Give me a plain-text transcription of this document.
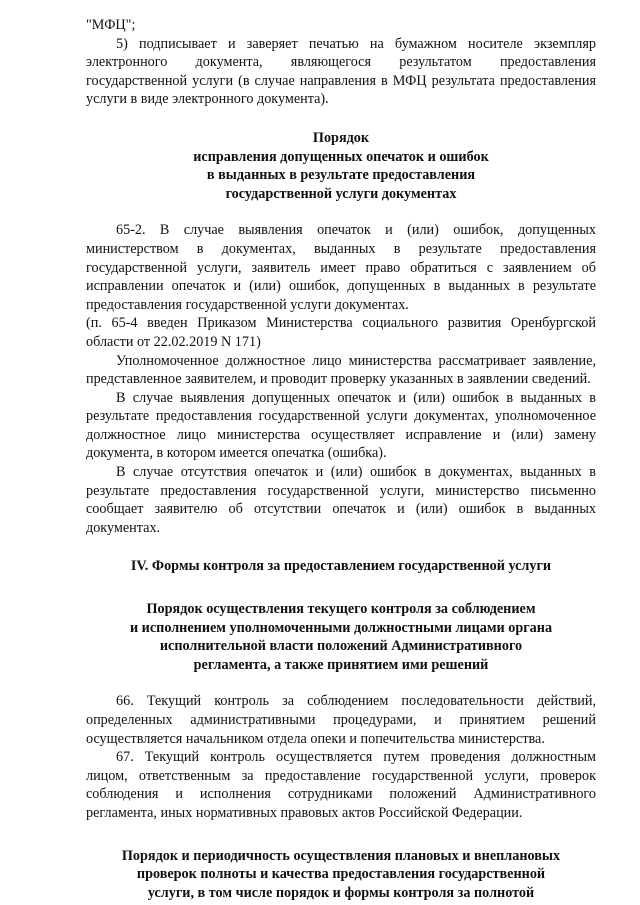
"МФЦ";

5) подписывает и заверяет печатью на бумажном носителе экземпляр электронного документа, являющегося результатом предоставления государственной услуги (в случае направления в МФЦ результата предоставления услуги в виде электронного документа).

Порядок

исправления допущенных опечаток и ошибок

в выданных в результате предоставления

государственной услуги документах

65-2. В случае выявления опечаток и (или) ошибок, допущенных министерством в документах, выданных в результате предоставления государственной услуги, заявитель имеет право обратиться с заявлением об исправлении опечаток и (или) ошибок, допущенных в выданных в результате предоставления государственной услуги документах.

(п. 65-4 введен Приказом Министерства социального развития Оренбургской области от 22.02.2019 N 171)

Уполномоченное должностное лицо министерства рассматривает заявление, представленное заявителем, и проводит проверку указанных в заявлении сведений.

В случае выявления допущенных опечаток и (или) ошибок в выданных в результате предоставления государственной услуги документах, уполномоченное должностное лицо министерства осуществляет исправление и (или) замену документа, в котором имеется опечатка (ошибка).

В случае отсутствия опечаток и (или) ошибок в документах, выданных в результате предоставления государственной услуги, министерство письменно сообщает заявителю об отсутствии опечаток и (или) ошибок в выданных документах.

IV. Формы контроля за предоставлением государственной услуги

Порядок осуществления текущего контроля за соблюдением

и исполнением уполномоченными должностными лицами органа

исполнительной власти положений Административного

регламента, а также принятием ими решений

66. Текущий контроль за соблюдением последовательности действий, определенных административными процедурами, и принятием решений осуществляется начальником отдела опеки и попечительства министерства.

67. Текущий контроль осуществляется путем проведения должностным лицом, ответственным за предоставление государственной услуги, проверок соблюдения и исполнения сотрудниками положений Административного регламента, иных нормативных правовых актов Российской Федерации.

Порядок и периодичность осуществления плановых и внеплановых

проверок полноты и качества предоставления государственной

услуги, в том числе порядок и формы контроля за полнотой
